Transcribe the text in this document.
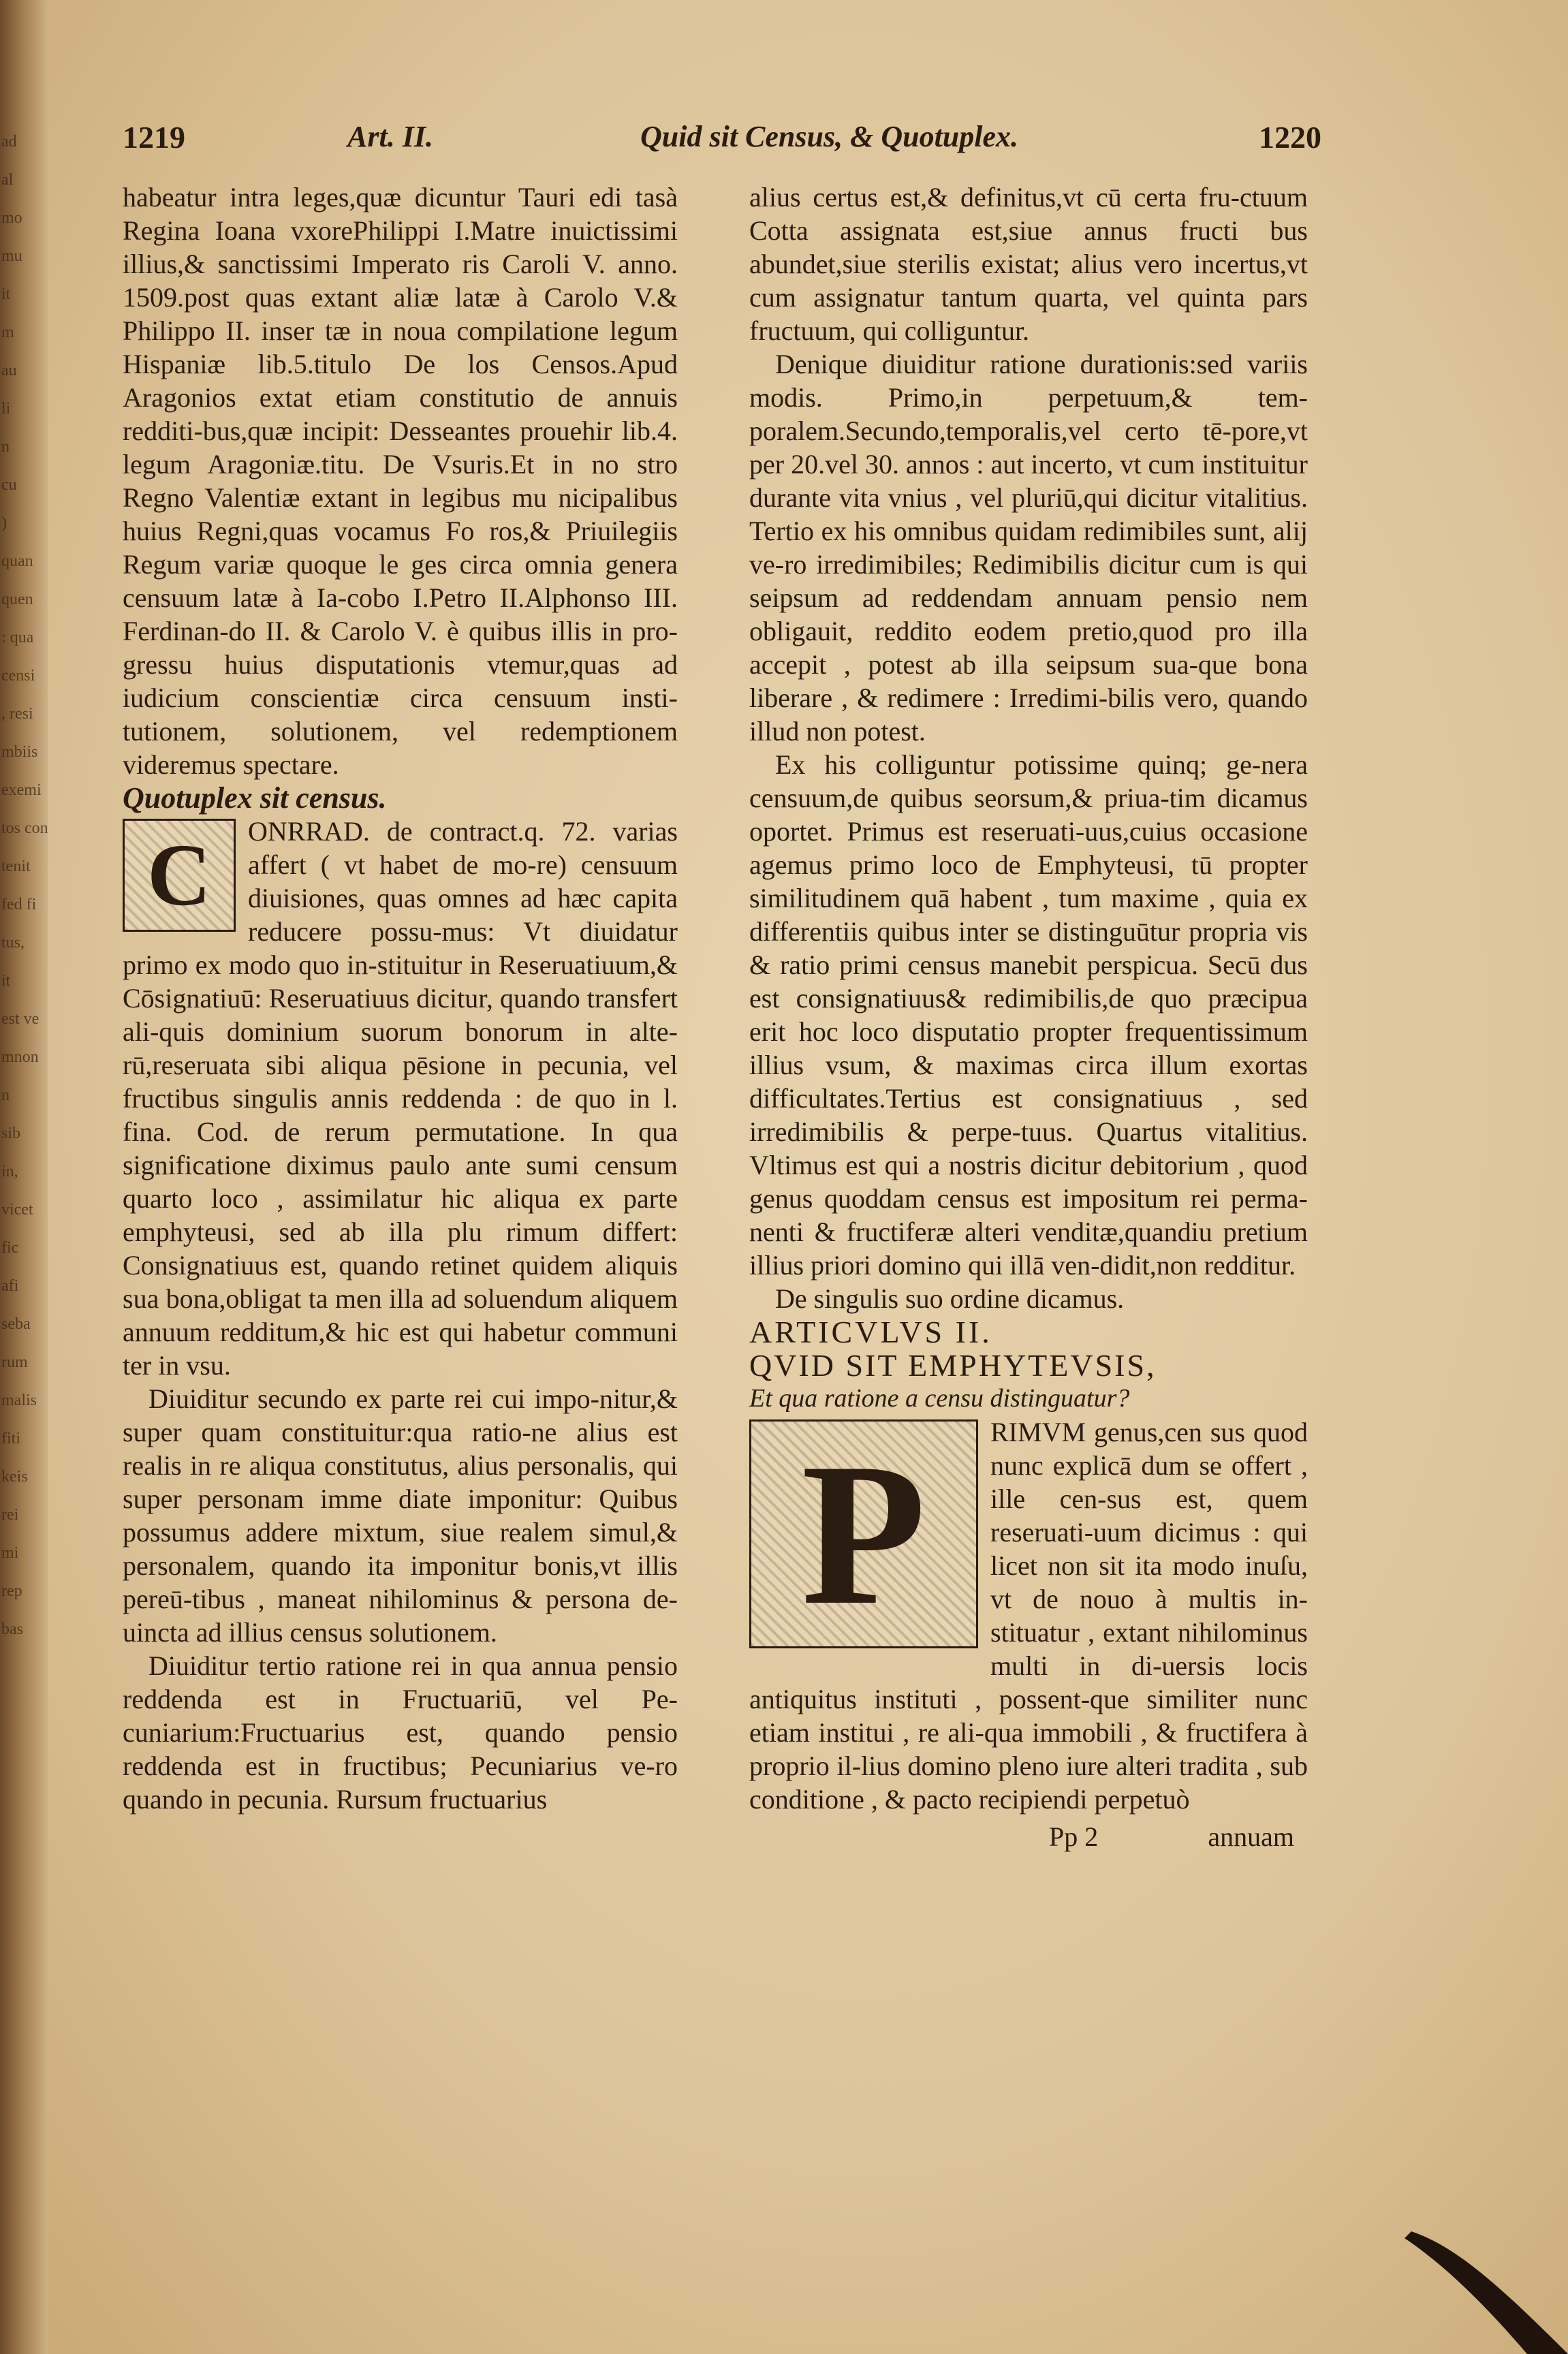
ad
al
mo
mu
it
m
au
li
n
cu
)
quan
quen
: qua
censi
, resi
mbiis
exemi
tos con
tenit
fed fi
tus,
it
est ve
mnon
n
sib
in,
vicet
fic
afi
seba
rum
malis
fiti
keis
rei
mi
rep
bas
1219	Art. II.	Quid sit Census, & Quotuplex.	1220

habeatur intra leges,quæ dicuntur Tauri edi tasà Regina Ioana vxorePhilippi I.Matre inuictissimi illius,& sanctissimi Imperato ris Caroli V. anno. 1509.post quas extant aliæ latæ à Carolo V.& Philippo II. inser tæ in noua compilatione legum Hispaniæ lib.5.titulo De los Censos.Apud Aragonios extat etiam constitutio de annuis redditi-bus,quæ incipit: Desseantes prouehir lib.4. legum Aragoniæ.titu. De Vsuris.Et in no stro Regno Valentiæ extant in legibus mu nicipalibus huius Regni,quas vocamus Fo ros,& Priuilegiis Regum variæ quoque le ges circa omnia genera censuum latæ à Ia-cobo I.Petro II.Alphonso III. Ferdinan-do II. & Carolo V. è quibus illis in pro-gressu huius disputationis vtemur,quas ad iudicium conscientiæ circa censuum insti-tutionem, solutionem, vel redemptionem videremus spectare.

Quotuplex sit census.

C	ONRRAD. de contract.q. 72. varias affert ( vt habet de mo-re) censuum diuisiones, quas omnes ad hæc capita reducere possu-mus: Vt diuidatur primo ex modo quo in-stituitur in Reseruatiuum,& Cōsignatiuū: Reseruatiuus dicitur, quando transfert ali-quis dominium suorum bonorum in alte-rū,reseruata sibi aliqua pēsione in pecunia, vel fructibus singulis annis reddenda : de quo in l. fina. Cod. de rerum permutatione. In qua significatione diximus paulo ante sumi censum quarto loco , assimilatur hic aliqua ex parte emphyteusi, sed ab illa plu rimum differt: Consignatiuus est, quando retinet quidem aliquis sua bona,obligat ta men illa ad soluendum aliquem annuum redditum,& hic est qui habetur communi ter in vsu.

Diuiditur secundo ex parte rei cui impo-nitur,& super quam constituitur:qua ratio-ne alius est realis in re aliqua constitutus, alius personalis, qui super personam imme diate imponitur: Quibus possumus addere mixtum, siue realem simul,& personalem, quando ita imponitur bonis,vt illis pereū-tibus , maneat nihilominus & persona de-uincta ad illius census solutionem.

Diuiditur tertio ratione rei in qua annua pensio reddenda est in Fructuariū, vel Pe-cuniarium:Fructuarius est, quando pensio reddenda est in fructibus; Pecuniarius ve-ro quando in pecunia. Rursum fructuarius

alius certus est,& definitus,vt cū certa fru-ctuum Cotta assignata est,siue annus fructi bus abundet,siue sterilis existat; alius vero incertus,vt cum assignatur tantum quarta, vel quinta pars fructuum, qui colliguntur.

Denique diuiditur ratione durationis:sed variis modis. Primo,in perpetuum,& tem-poralem.Secundo,temporalis,vel certo tē-pore,vt per 20.vel 30. annos : aut incerto, vt cum instituitur durante vita vnius , vel pluriū,qui dicitur vitalitius. Tertio ex his omnibus quidam redimibiles sunt, alij ve-ro irredimibiles; Redimibilis dicitur cum is qui seipsum ad reddendam annuam pensio nem obligauit, reddito eodem pretio,quod pro illa accepit , potest ab illa seipsum sua-que bona liberare , & redimere : Irredimi-bilis vero, quando illud non potest.

Ex his colliguntur potissime quinq; ge-nera censuum,de quibus seorsum,& priua-tim dicamus oportet. Primus est reseruati-uus,cuius occasione agemus primo loco de Emphyteusi, tū propter similitudinem quā habent , tum maxime , quia ex differentiis quibus inter se distinguūtur propria vis & ratio primi census manebit perspicua. Secū dus est consignatiuus& redimibilis,de quo præcipua erit hoc loco disputatio propter frequentissimum illius vsum, & maximas circa illum exortas difficultates.Tertius est consignatiuus , sed irredimibilis & perpe-tuus. Quartus vitalitius. Vltimus est qui a nostris dicitur debitorium , quod genus quoddam census est impositum rei perma-nenti & fructiferæ alteri venditæ,quandiu pretium illius priori domino qui illā ven-didit,non redditur.

De singulis suo ordine dicamus.

ARTICVLVS II.

QVID SIT EMPHYTEVSIS,

Et qua ratione a censu distinguatur?

P	RIMVM genus,cen sus quod nunc explicā dum se offert , ille cen-sus est, quem reseruati-uum dicimus : qui licet non sit ita modo inuſu, vt de nouo à multis in-stituatur , extant nihilominus multi in di-uersis locis antiquitus instituti , possent-que similiter nunc etiam institui , re ali-qua immobili , & fructifera à proprio il-lius domino pleno iure alteri tradita , sub conditione , & pacto recipiendi perpetuò

Pp 2	annuam
